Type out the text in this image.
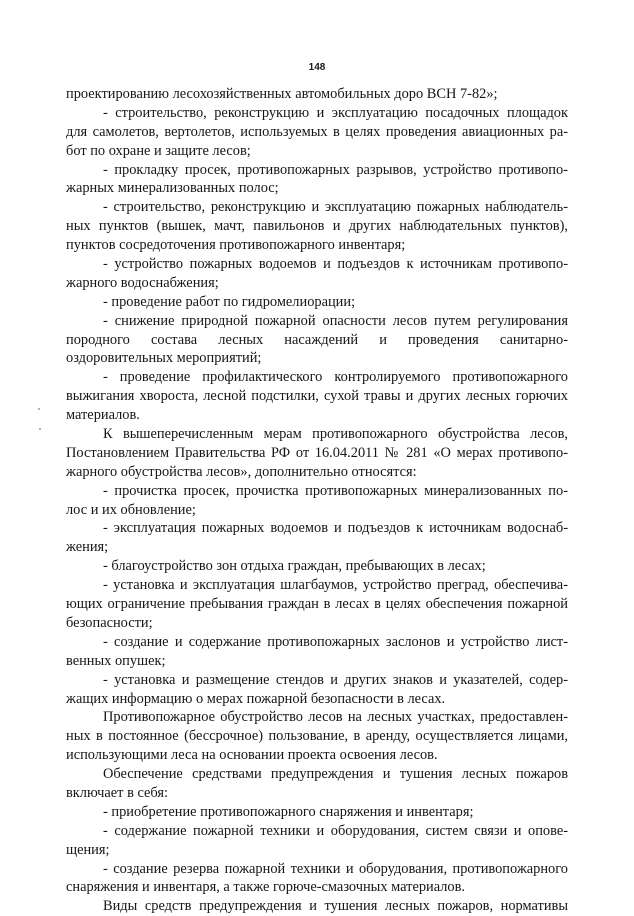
148
проектированию лесохозяйственных автомобильных доро ВСН 7-82»;
- строительство, реконструкцию и эксплуатацию посадочных площадок
для самолетов, вертолетов, используемых в целях проведения авиационных ра-
бот по охране и защите лесов;
- прокладку просек, противопожарных разрывов, устройство противопо-
жарных минерализованных полос;
- строительство, реконструкцию и эксплуатацию пожарных наблюдатель-
ных пунктов (вышек, мачт, павильонов и других наблюдательных пунктов),
пунктов сосредоточения противопожарного инвентаря;
- устройство пожарных водоемов и подъездов к источникам противопо-
жарного водоснабжения;
- проведение работ по гидромелиорации;
- снижение природной пожарной опасности лесов путем регулирования
породного состава лесных насаждений и проведения санитарно-
оздоровительных мероприятий;
- проведение профилактического контролируемого противопожарного
выжигания хвороста, лесной подстилки, сухой травы и других лесных горючих
материалов.
К вышеперечисленным мерам противопожарного обустройства лесов,
Постановлением Правительства РФ от 16.04.2011 № 281 «О мерах противопо-
жарного обустройства лесов», дополнительно относятся:
- прочистка просек, прочистка противопожарных минерализованных по-
лос и их обновление;
- эксплуатация пожарных водоемов и подъездов к источникам водоснаб-
жения;
- благоустройство зон отдыха граждан, пребывающих в лесах;
- установка и эксплуатация шлагбаумов, устройство преград, обеспечива-
ющих ограничение пребывания граждан в лесах в целях обеспечения пожарной
безопасности;
- создание и содержание противопожарных заслонов и устройство лист-
венных опушек;
- установка и размещение стендов и других знаков и указателей, содер-
жащих информацию о мерах пожарной безопасности в лесах.
Противопожарное обустройство лесов на лесных участках, предоставлен-
ных в постоянное (бессрочное) пользование, в аренду, осуществляется лицами,
использующими леса на основании проекта освоения лесов.
Обеспечение средствами предупреждения и тушения лесных пожаров
включает в себя:
- приобретение противопожарного снаряжения и инвентаря;
- содержание пожарной техники и оборудования, систем связи и опове-
щения;
- создание резерва пожарной техники и оборудования, противопожарного
снаряжения и инвентаря, а также горюче-смазочных материалов.
Виды средств предупреждения и тушения лесных пожаров, нормативы
